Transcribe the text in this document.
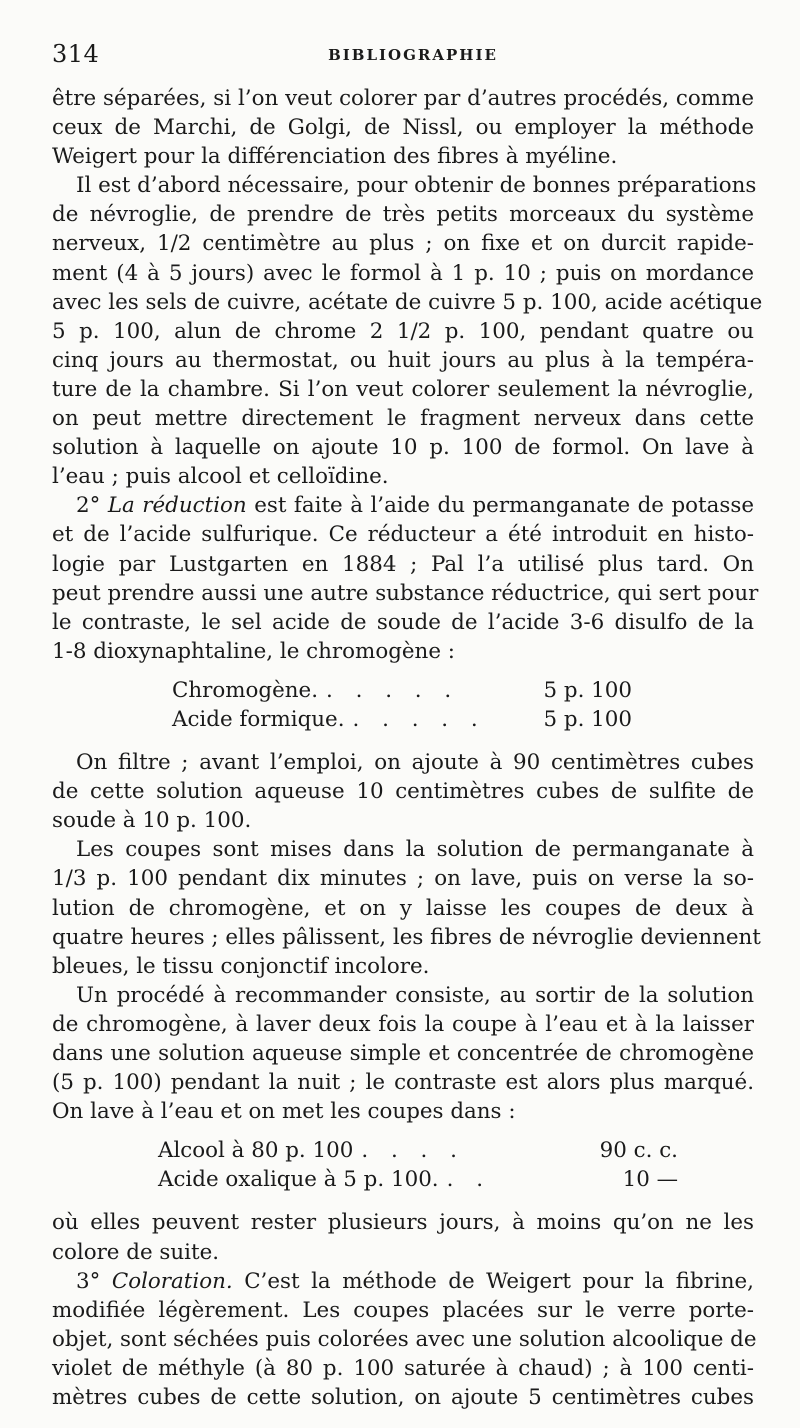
314	BIBLIOGRAPHIE
être séparées, si l’on veut colorer par d’autres procédés, comme
ceux de Marchi, de Golgi, de Nissl, ou employer la méthode
Weigert pour la différenciation des fibres à myéline.
Il est d’abord nécessaire, pour obtenir de bonnes préparations
de névroglie, de prendre de très petits morceaux du système
nerveux, 1/2 centimètre au plus ; on fixe et on durcit rapide-
ment (4 à 5 jours) avec le formol à 1 p. 10 ; puis on mordance
avec les sels de cuivre, acétate de cuivre 5 p. 100, acide acétique
5 p. 100, alun de chrome 2 1/2 p. 100, pendant quatre ou
cinq jours au thermostat, ou huit jours au plus à la tempéra-
ture de la chambre. Si l’on veut colorer seulement la névroglie,
on peut mettre directement le fragment nerveux dans cette
solution à laquelle on ajoute 10 p. 100 de formol. On lave à
l’eau ; puis alcool et celloïdine.
2° La réduction est faite à l’aide du permanganate de potasse
et de l’acide sulfurique. Ce réducteur a été introduit en histo-
logie par Lustgarten en 1884 ; Pal l’a utilisé plus tard. On
peut prendre aussi une autre substance réductrice, qui sert pour
le contraste, le sel acide de soude de l’acide 3-6 disulfo de la
1-8 dioxynaphtaline, le chromogène :
Chromogène. . . . . .	5 p. 100
Acide formique. . . . . .	5 p. 100
On filtre ; avant l’emploi, on ajoute à 90 centimètres cubes
de cette solution aqueuse 10 centimètres cubes de sulfite de
soude à 10 p. 100.
Les coupes sont mises dans la solution de permanganate à
1/3 p. 100 pendant dix minutes ; on lave, puis on verse la so-
lution de chromogène, et on y laisse les coupes de deux à
quatre heures ; elles pâlissent, les fibres de névroglie deviennent
bleues, le tissu conjonctif incolore.
Un procédé à recommander consiste, au sortir de la solution
de chromogène, à laver deux fois la coupe à l’eau et à la laisser
dans une solution aqueuse simple et concentrée de chromogène
(5 p. 100) pendant la nuit ; le contraste est alors plus marqué.
On lave à l’eau et on met les coupes dans :
Alcool à 80 p. 100 . . . .	90 c. c.
Acide oxalique à 5 p. 100. . .	10 —
où elles peuvent rester plusieurs jours, à moins qu’on ne les
colore de suite.
3° Coloration. C’est la méthode de Weigert pour la fibrine,
modifiée légèrement. Les coupes placées sur le verre porte-
objet, sont séchées puis colorées avec une solution alcoolique de
violet de méthyle (à 80 p. 100 saturée à chaud) ; à 100 centi-
mètres cubes de cette solution, on ajoute 5 centimètres cubes
